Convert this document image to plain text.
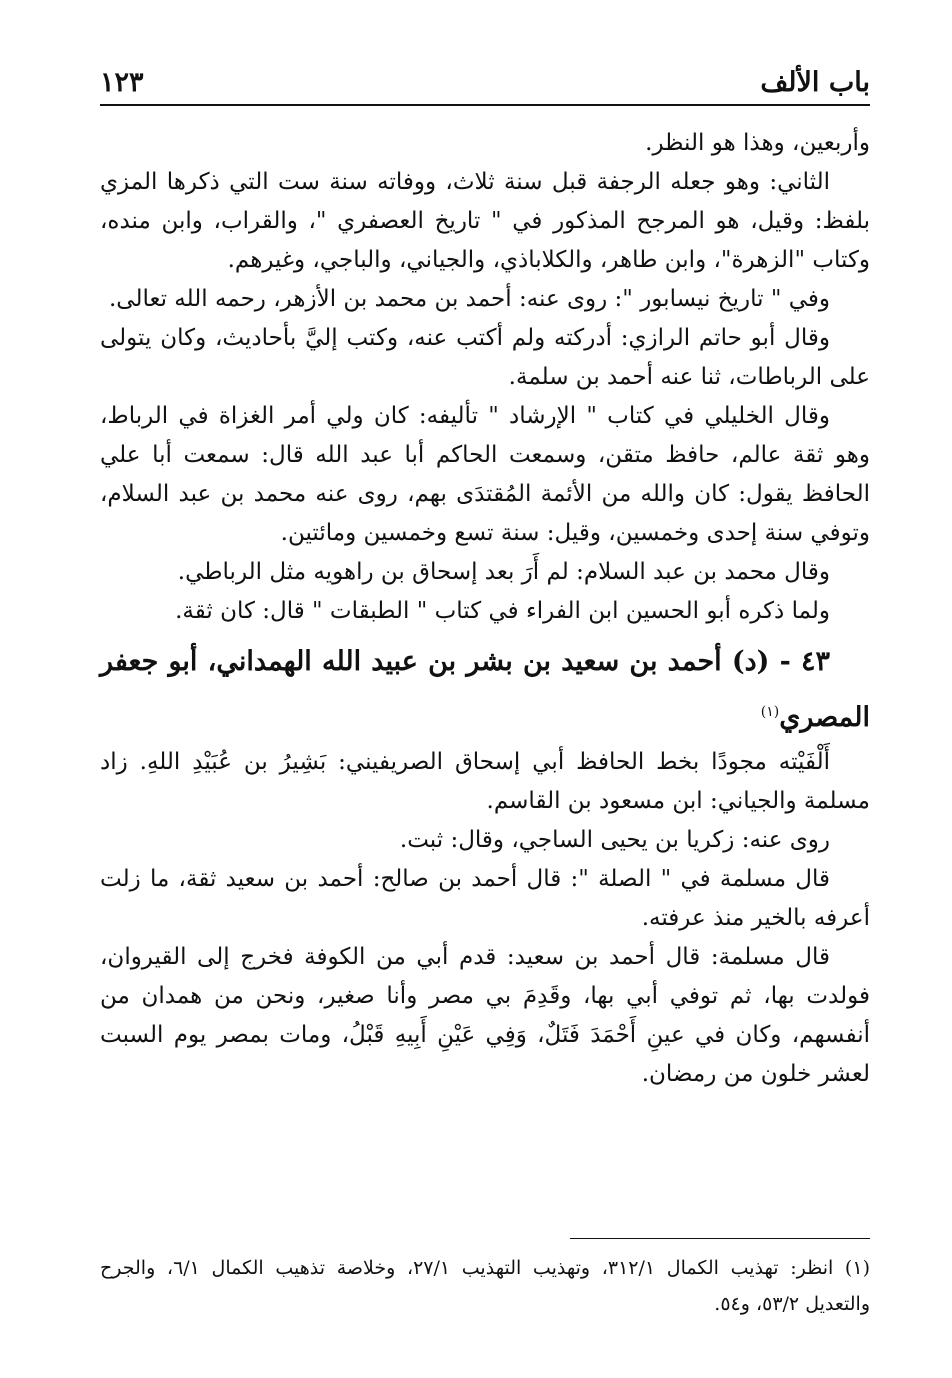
باب الألف
١٢٣

وأربعين، وهذا هو النظر.

الثاني: وهو جعله الرجفة قبل سنة ثلاث، ووفاته سنة ست التي ذكرها المزي بلفظ: وقيل، هو المرجح المذكور في " تاريخ العصفري "، والقراب، وابن منده، وكتاب "الزهرة"، وابن طاهر، والكلاباذي، والجياني، والباجي، وغيرهم.

وفي " تاريخ نيسابور ": روى عنه: أحمد بن محمد بن الأزهر، رحمه الله تعالى.

وقال أبو حاتم الرازي: أدركته ولم أكتب عنه، وكتب إليَّ بأحاديث، وكان يتولى على الرباطات، ثنا عنه أحمد بن سلمة.

وقال الخليلي في كتاب " الإرشاد " تأليفه: كان ولي أمر الغزاة في الرباط، وهو ثقة عالم، حافظ متقن، وسمعت الحاكم أبا عبد الله قال: سمعت أبا علي الحافظ يقول: كان والله من الأئمة المُقتدَى بهم، روى عنه محمد بن عبد السلام، وتوفي سنة إحدى وخمسين، وقيل: سنة تسع وخمسين ومائتين.

وقال محمد بن عبد السلام: لم أَرَ بعد إسحاق بن راهويه مثل الرباطي.

ولما ذكره أبو الحسين ابن الفراء في كتاب " الطبقات " قال: كان ثقة.

٤٣ - (د) أحمد بن سعيد بن بشر بن عبيد الله الهمداني، أبو جعفر المصري$^{(١)}$

أَلْفَيْته مجودًا بخط الحافظ أبي إسحاق الصريفيني: بَشِيرُ بن عُبَيْدِ اللهِ. زاد مسلمة والجياني: ابن مسعود بن القاسم.

روى عنه: زكريا بن يحيى الساجي، وقال: ثبت.

قال مسلمة في " الصلة ": قال أحمد بن صالح: أحمد بن سعيد ثقة، ما زلت أعرفه بالخير منذ عرفته.

قال مسلمة: قال أحمد بن سعيد: قدم أبي من الكوفة فخرج إلى القيروان، فولدت بها، ثم توفي أبي بها، وقَدِمَ بي مصر وأنا صغير، ونحن من همدان من أنفسهم، وكان في عينِ أَحْمَدَ فَتَلٌ، وَفِي عَيْنِ أَبِيهِ قَبْلُ، ومات بمصر يوم السبت لعشر خلون من رمضان.

(١) انظر: تهذيب الكمال ٣١٢/١، وتهذيب التهذيب ٢٧/١، وخلاصة تذهيب الكمال ٦/١، والجرح والتعديل ٥٣/٢، و٥٤.
